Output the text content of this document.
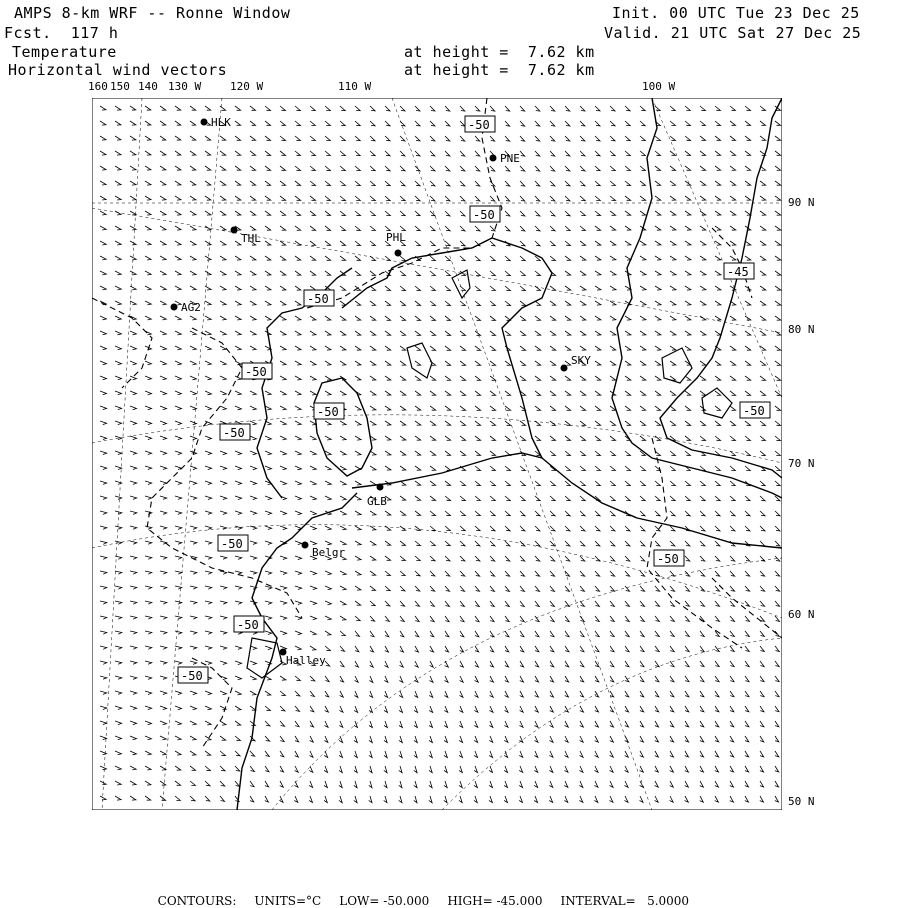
AMPS 8-km WRF -- Ronne Window
Fcst.  117 h
Init. 00 UTC Tue 23 Dec 25
Valid. 21 UTC Sat 27 Dec 25
Temperature
Horizontal wind vectors
at height =  7.62 km
at height =  7.62 km
160 150 140 130 W	120 W	110 W	100 W
90 N
80 N
70 N
60 N
50 N
HLK
PNE
THL	PHL
AG2
SKY
GLB
Belgr
Halley
-50
-50
-45
-50
-50
-50	-50
-50
-50
-50
-50
-50

CONTOURS: UNITS=°C LOW= -50.000 HIGH= -45.000 INTERVAL=   5.0000
